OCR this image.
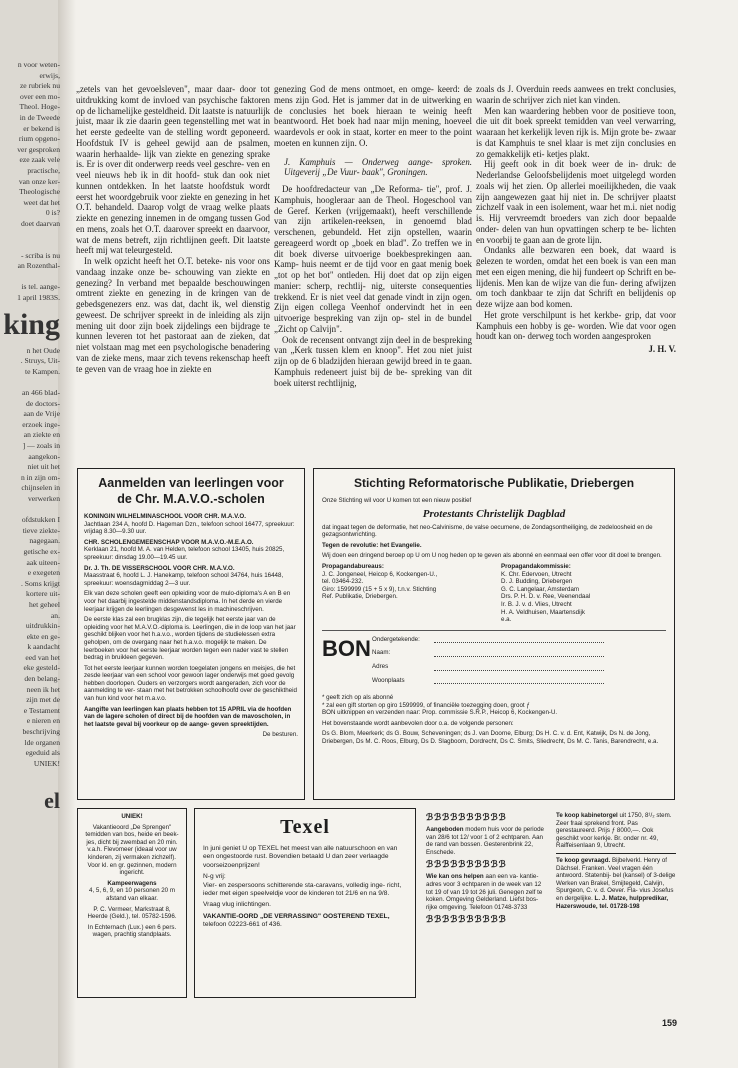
n voor weten-
erwijs,
ze rubriek nu
over een mo-
Theol. Hoge-
in de Tweede
er bekend is
rium opgeno-
ver gesproken
eze zaak vele
practische,
van onze ker-
Theologische
weet dat het
0 is?
doet daarvan

- scriba is nu
an Rozenthal-

is tel. aange-
1 april 1983S.
king
n het Oude
. Struys, Uit-
te Kampen.

an 466 blad-
de doctors-
aan de Vrije
erzoek inge-
an ziekte en
] — zoals in
aangekon-
niet uit het
n in zijn om-
chijnselen in
verwerken

ofdstukken I
tieve ziekte-
nagegaan.
getische ex-
aak uiteen-
e exegeten
. Soms krijgt
kortere uit-
het geheel
an.
uitdrukkin-
ekte en ge-
k aandacht
eed van het
eke gesteld-
den belang-
neen ik het
zijn met de
e Testament
e nieren en
beschrijving
lde organen
egeduid als
UNIEK!

el

„zetels van het gevoelsleven", maar daar- door tot uitdrukking komt de invloed van psychische faktoren op de lichamelijke gesteldheid. Dit laatste is natuurlijk juist, maar ik zie daarin geen tegenstelling met wat in het eerste gedeelte van de stelling wordt geponeerd. Hoofdstuk IV is geheel gewijd aan de psalmen, waarin herhaalde- lijk van ziekte en genezing sprake is. Er is over dit onderwerp reeds veel geschre- ven en veel nieuws heb ik in dit hoofd- stuk dan ook niet kunnen ontdekken. In het laatste hoofdstuk wordt eerst het woordgebruik voor ziekte en genezing in het O.T. behandeld. Daarop volgt de vraag welke plaats ziekte en genezing innemen in de omgang tussen God en mens, zoals het O.T. daarover spreekt en daarvoor, wat de mens betreft, zijn richtlijnen geeft. Dit laatste heeft mij wat teleurgesteld.

In welk opzicht heeft het O.T. beteke- nis voor ons vandaag inzake onze be- schouwing van ziekte en genezing? In verband met bepaalde beschouwingen omtrent ziekte en genezing in de kringen van de gebedsgenezers enz. was dat, dacht ik, wel dienstig geweest. De schrijver spreekt in de inleiding als zijn mening uit door zijn boek zijdelings een bijdrage te kunnen leveren tot het pastoraat aan de zieken, dat niet volstaan mag met een psychologische benadering van de zieke mens, maar zich tevens rekenschap heeft te geven van de vraag hoe in ziekte en

genezing God de mens ontmoet, en omge- keerd: de mens zijn God. Het is jammer dat in de uitwerking en de conclusies het boek hieraan te weinig heeft beantwoord. Het boek had naar mijn mening, hoeveel waardevols er ook in staat, korter en meer to the point moeten en kunnen zijn. O.

J. Kamphuis — Onderweg aange- sproken. Uitgeverij „De Vuur- baak", Groningen.

De hoofdredacteur van „De Reforma- tie", prof. J. Kamphuis, hoogleraar aan de Theol. Hogeschool van de Geref. Kerken (vrijgemaakt), heeft verschillende van zijn artikelen-reeksen, in genoemd blad verschenen, gebundeld. Het zijn opstellen, waarin gereageerd wordt op „boek en blad". Zo treffen we in dit boek diverse uitvoerige boekbesprekingen aan. Kamp- huis neemt er de tijd voor en gaat menig boek „tot op het bot" ontleden. Hij doet dat op zijn eigen manier: scherp, rechtlij- nig, uiterste consequenties trekkend. Er is niet veel dat genade vindt in zijn ogen. Zijn eigen collega Veenhof ondervindt het in een uitvoerige bespreking van zijn op- stel in de bundel „Zicht op Calvijn".

Ook de recensent ontvangt zijn deel in de bespreking van „Kerk tussen klem en knoop". Het zou niet juist zijn op de 6 bladzijden hieraan gewijd breed in te gaan. Kamphuis redeneert juist bij de be- spreking van dit boek uiterst rechtlijnig,

zoals ds J. Overduin reeds aanwees en trekt conclusies, waarin de schrijver zich niet kan vinden.

Men kan waardering hebben voor de positieve toon, die uit dit boek spreekt temidden van veel verwarring, waaraan het kerkelijk leven rijk is. Mijn grote be- zwaar is dat Kamphuis te snel klaar is met zijn conclusies en zo gemakkelijk eti- ketjes plakt.

Hij geeft ook in dit boek weer de in- druk: de Nederlandse Geloofsbelijdenis moet uitgelegd worden zoals wij het zien. Op allerlei moeilijkheden, die vaak zijn aangewezen gaat hij niet in. De schrijver plaatst zichzelf vaak in een isolement, waar het m.i. niet nodig is. Hij vervreemdt broeders van zich door bepaalde onder- delen van hun opvattingen scherp te be- lichten en voorbij te gaan aan de grote lijn.

Ondanks alle bezwaren een boek, dat waard is gelezen te worden, omdat het een boek is van een man met een eigen mening, die hij fundeert op Schrift en be- lijdenis. Men kan de wijze van die fun- dering afwijzen om toch dankbaar te zijn dat Schrift en belijdenis op deze wijze aan bod komen.

Het grote verschilpunt is het kerkbe- grip, dat voor Kamphuis een hobby is ge- worden. Wie dat voor ogen houdt kan on- derweg toch worden aangesproken

J. H. V.
Aanmelden van leerlingen voor
de Chr. M.A.V.O.-scholen

KONINGIN WILHELMINASCHOOL VOOR CHR. M.A.V.O.
Jachtlaan 234 A, hoofd D. Hageman Dzn., telefoon school 16477, spreekuur: vrijdag 8.30—9.30 uur.

CHR. SCHOLENGEMEENSCHAP VOOR M.A.V.O.-M.E.A.O.
Kerklaan 21, hoofd M. A. van Helden, telefoon school 13405, huis 20825, spreekuur: dinsdag 19.00—19.45 uur.

Dr. J. Th. DE VISSERSCHOOL VOOR CHR. M.A.V.O.
Maasstraat 6, hoofd L. J. Hanekamp, telefoon school 34764, huis 16448, spreekuur: woensdagmiddag 2—3 uur.

Elk van deze scholen geeft een opleiding voor de mulo-diploma's A en B en voor het daarbij ingestelde middenstandsdiploma. In het derde en vierde leerjaar krijgen de leerlingen desgewenst les in machineschrijven.

De eerste klas zal een brugklas zijn, die tegelijk het eerste jaar van de opleiding voor het M.A.V.O.-diploma is. Leerlingen, die in de loop van het jaar geschikt blijken voor het h.a.v.o., worden tijdens de studielessen extra geholpen, om de overgang naar het h.a.v.o. mogelijk te maken. De leerboeken voor het eerste leerjaar worden tegen een nader vast te stellen bedrag in bruikleen gegeven.

Tot het eerste leerjaar kunnen worden toegelaten jongens en meisjes, die het zesde leerjaar van een school voor gewoon lager onderwijs met goed gevolg hebben doorlopen. Ouders en verzorgers wordt aangeraden, zich voor de aanmelding te ver- staan met het betrokken schoolhoofd over de geschiktheid van hun kind voor het m.a.v.o.

Aangifte van leerlingen kan plaats hebben tot 15 APRIL via de hoofden van de lagere scholen of direct bij de hoofden van de mavoscholen, in het laatste geval bij voorkeur op de aange- geven spreektijden.

De besturen.

Stichting Reformatorische Publikatie, Driebergen

Onze Stichting wil voor U komen tot een nieuw positief

Protestants Christelijk Dagblad

dat ingaat tegen de deformatie, het neo-Calvinisme, de valse oecumene, de Zondagsontheiliging, de zedeloosheid en de gezagsontwrichting.

Tegen de revolutie: het Evangelie.

Wij doen een dringend beroep op U om U nog heden op te geven als abonné en eenmaal een offer voor dit doel te brengen.

Propagandabureaus:
J. C. Jongeneel, Heicop 6, Kockengen-U.,
tel. 03464-232.
Giro: 1599999 (15 + 5 x 9), t.n.v. Stichting
Ref. Publikatie, Driebergen.
Propagandakommissie:
K. Chr. Edervoen, Utrecht
D. J. Budding, Driebergen
G. C. Langelaar, Amsterdam
Drs. P. H. D. v. Ree, Veenendaal
Ir. B. J. v. d. Vlies, Utrecht
H. A. Veldhuisen, Maartensdijk
e.a.
BON Ondergetekende:
Naam:
Adres
Woonplaats
* geeft zich op als abonné
* zal een gift storten op giro 1599999, of financiële toezegging doen, groot ƒ

BON uitknippen en verzenden naar: Prop. commissie S.R.P., Heicop 6, Kockengen-U.

Het bovenstaande wordt aanbevolen door o.a. de volgende personen:

Ds G. Blom, Meerkerk; ds G. Bouw, Scheveningen; ds J. van Doorne, Elburg; Ds H. C. v. d. Ent, Katwijk, Ds N. de Jong, Driebergen, Ds M. C. Roos, Elburg, Ds D. Slagboom, Dordrecht, Ds C. Smits, Sliedrecht, Ds M. C. Tanis, Barendrecht, e.a.

UNIEK!

Vakantieoord „De Sprengen" temidden van bos, heide en beek- jes, dicht bij zwembad en 20 min. v.a.h. Flevomeer (ideaal voor uw kinderen, zij vermaken zichzelf). Voor kl. en gr. gezinnen, modern ingericht.

Kampeerwagens

4, 5, 6, 9, en 10 personen 20 m afstand van elkaar.

P. C. Vermeer, Markstraat 8, Heerde (Geld.), tel. 05782-1596.

In Echternach (Lux.) een 6 pers. wagen, prachtig standplaats.

Texel

In juni geniet U op TEXEL het meest van alle natuurschoon en van een ongestoorde rust. Bovendien betaald U dan zeer verlaagde voorseizoenprijzen!

N-g vrij:

Vier- en zespersoons schitterende sta-caravans, volledig inge- richt, ieder met eigen speelveldje voor de kinderen tot 21/6 en na 9/8.

Vraag vlug inlichtingen.

VAKANTIE-OORD „DE VERRASSING" OOSTEREND TEXEL,

telefoon 02223-661 of 436.

ℬℬℬℬℬℬℬℬℬℬ
Aangeboden modern huis voor de periode van 28/6 tot 12/ voor 1 of 2 echtparen. Aan de rand van bossen. Gesterenbrink 22, Enschede.
ℬℬℬℬℬℬℬℬℬℬ
Wie kan ons helpen aan een va- kantie-adres voor 3 echtparen in de week van 12 tot 19 of van 19 tot 26 juli. Genegen zelf te koken. Omgeving Gelderland. Liefst bos- rijke omgeving. Telefoon 01748-3733
ℬℬℬℬℬℬℬℬℬℬ
Te koop kabinetorgel uit 1750, 8¹/₂ stem. Zeer fraai sprekend front. Pas gerestaureerd. Prijs ƒ 8000,—. Ook geschikt voor kerkje. Br. onder nr. 49, Raiffeisenlaan 9, Utrecht.
Te koop gevraagd. Bijbelverkl. Henry of Dächsel. Franken. Veel vragen één antwoord. Statenbij- bel (kansel) of 3-delige Werken van Brakel, Smijtegeld, Calvijn, Spurgeon, C. v. d. Oever. Fla- vius Josefus en dergelijke. L. J. Matze, hulppredikar, Hazerswoude, tel. 01728-198
159
